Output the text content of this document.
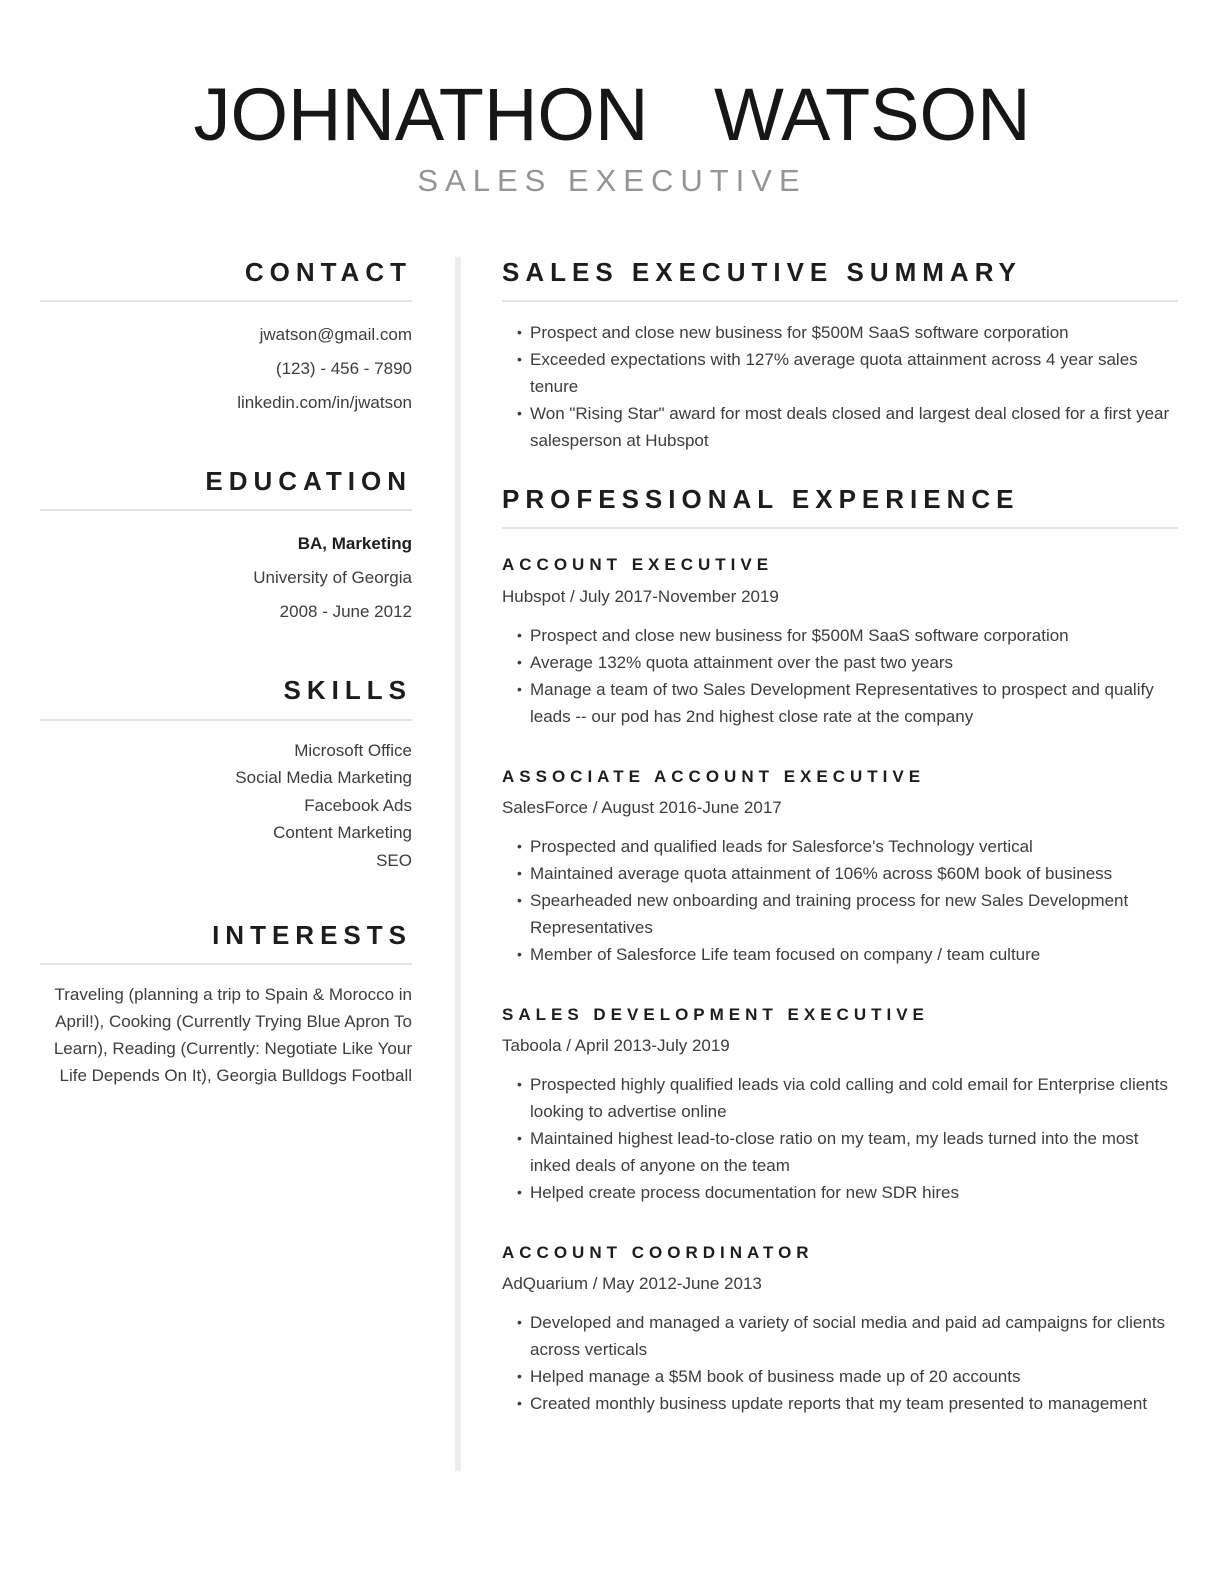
JOHNATHON WATSON

SALES EXECUTIVE

CONTACT
jwatson@gmail.com
(123) - 456 - 7890
linkedin.com/in/jwatson
EDUCATION
BA, Marketing
University of Georgia
2008 - June 2012
SKILLS
Microsoft Office
Social Media Marketing
Facebook Ads
Content Marketing
SEO
INTERESTS

Traveling (planning a trip to Spain & Morocco in April!), Cooking (Currently Trying Blue Apron To Learn), Reading (Currently: Negotiate Like Your Life Depends On It), Georgia Bulldogs Football

SALES EXECUTIVE SUMMARY
• Prospect and close new business for $500M SaaS software corporation
• Exceeded expectations with 127% average quota attainment across 4 year sales tenure
• Won "Rising Star" award for most deals closed and largest deal closed for a first year salesperson at Hubspot
PROFESSIONAL EXPERIENCE
ACCOUNT EXECUTIVE

Hubspot / July 2017-November 2019

• Prospect and close new business for $500M SaaS software corporation
• Average 132% quota attainment over the past two years
• Manage a team of two Sales Development Representatives to prospect and qualify leads -- our pod has 2nd highest close rate at the company
ASSOCIATE ACCOUNT EXECUTIVE

SalesForce / August 2016-June 2017

• Prospected and qualified leads for Salesforce's Technology vertical
• Maintained average quota attainment of 106% across $60M book of business
• Spearheaded new onboarding and training process for new Sales Development Representatives
• Member of Salesforce Life team focused on company / team culture
SALES DEVELOPMENT EXECUTIVE

Taboola / April 2013-July 2019

• Prospected highly qualified leads via cold calling and cold email for Enterprise clients looking to advertise online
• Maintained highest lead-to-close ratio on my team, my leads turned into the most inked deals of anyone on the team
• Helped create process documentation for new SDR hires
ACCOUNT COORDINATOR

AdQuarium / May 2012-June 2013

• Developed and managed a variety of social media and paid ad campaigns for clients across verticals
• Helped manage a $5M book of business made up of 20 accounts
• Created monthly business update reports that my team presented to management
